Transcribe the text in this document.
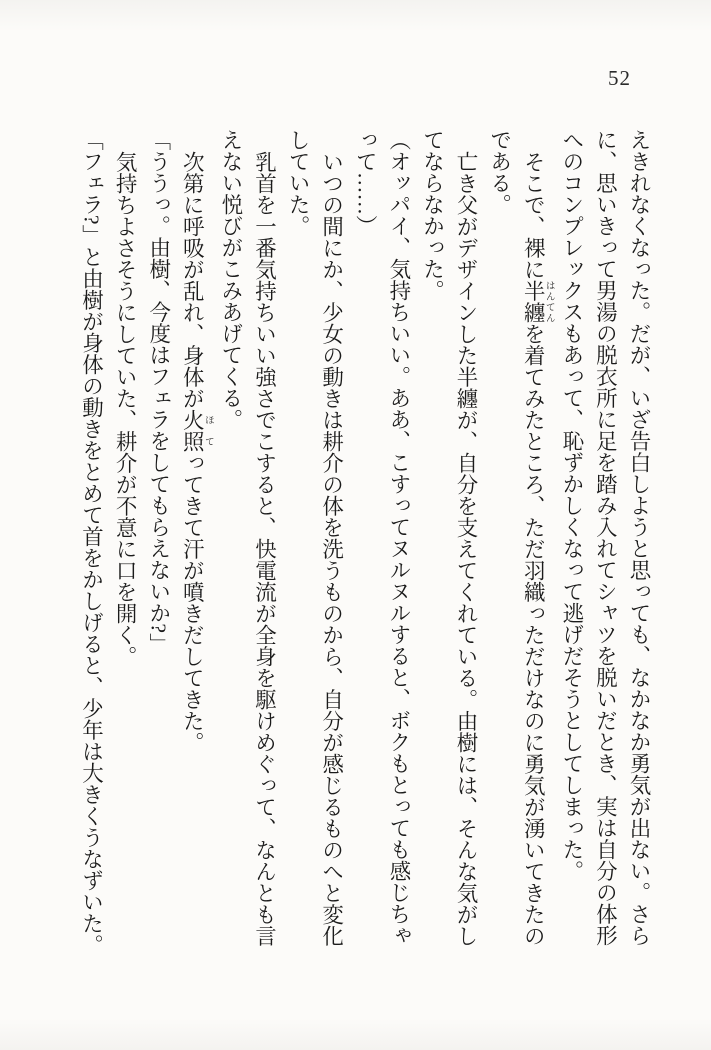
52

えきれなくなった。だが、いざ告白しようと思っても、なかなか勇気が出ない。さらに、思いきって男湯の脱衣所に足を踏み入れてシャツを脱いだとき、実は自分の体形へのコンプレックスもあって、恥ずかしくなって逃げだそうとしてしまった。

そこで、裸に半纏はんてんを着てみたところ、ただ羽織っただけなのに勇気が湧いてきたのである。

亡き父がデザインした半纏が、自分を支えてくれている。由樹には、そんな気がしてならなかった。

（オッパイ、気持ちいい。ああ、こすってヌルヌルすると、ボクもとっても感じちゃって……）

いつの間にか、少女の動きは耕介の体を洗うものから、自分が感じるものへと変化していた。

乳首を一番気持ちいい強さでこすると、快電流が全身を駆けめぐって、なんとも言えない悦びがこみあげてくる。

次第に呼吸が乱れ、身体が火照ほてってきて汗が噴きだしてきた。

「ううっ。由樹、今度はフェラをしてもらえないか?」

気持ちよさそうにしていた、耕介が不意に口を開く。

「フェラ?」と由樹が身体の動きをとめて首をかしげると、少年は大きくうなずいた。
